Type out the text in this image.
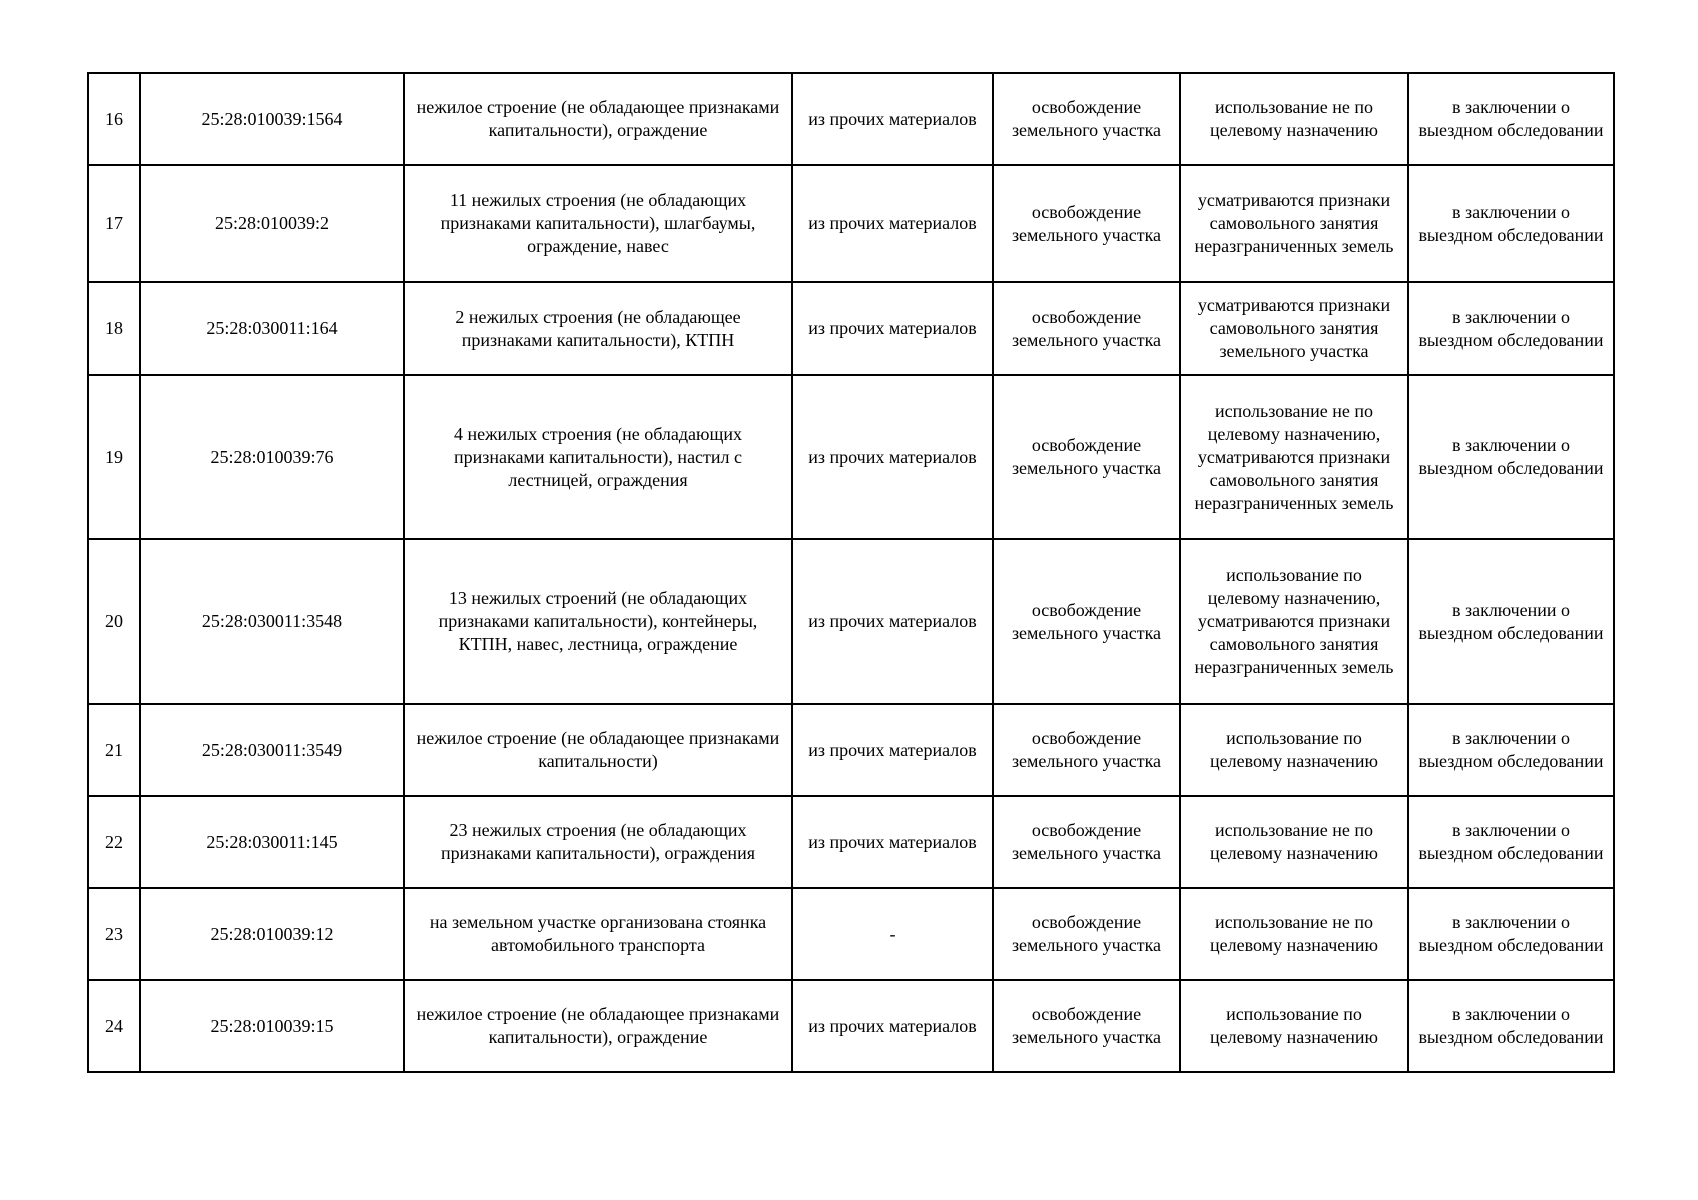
16	25:28:010039:1564	нежилое строение (не обладающее признаками капитальности), ограждение	из прочих материалов	освобождение земельного участка	использование не по целевому назначению	в заключении о выездном обследовании
17	25:28:010039:2	11 нежилых строения (не обладающих признаками капитальности), шлагбаумы, ограждение, навес	из прочих материалов	освобождение земельного участка	усматриваются признаки самовольного занятия неразграниченных земель	в заключении о выездном обследовании
18	25:28:030011:164	2 нежилых строения (не обладающее признаками капитальности), КТПН	из прочих материалов	освобождение земельного участка	усматриваются признаки самовольного занятия земельного участка	в заключении о выездном обследовании
19	25:28:010039:76	4 нежилых строения (не обладающих признаками капитальности), настил с лестницей, ограждения	из прочих материалов	освобождение земельного участка	использование не по целевому назначению, усматриваются признаки самовольного занятия неразграниченных земель	в заключении о выездном обследовании
20	25:28:030011:3548	13 нежилых строений (не обладающих признаками капитальности), контейнеры, КТПН, навес, лестница, ограждение	из прочих материалов	освобождение земельного участка	использование по целевому назначению, усматриваются признаки самовольного занятия неразграниченных земель	в заключении о выездном обследовании
21	25:28:030011:3549	нежилое строение (не обладающее признаками капитальности)	из прочих материалов	освобождение земельного участка	использование по целевому назначению	в заключении о выездном обследовании
22	25:28:030011:145	23 нежилых строения (не обладающих признаками капитальности), ограждения	из прочих материалов	освобождение земельного участка	использование не по целевому назначению	в заключении о выездном обследовании
23	25:28:010039:12	на земельном участке организована стоянка автомобильного транспорта	-	освобождение земельного участка	использование не по целевому назначению	в заключении о выездном обследовании
24	25:28:010039:15	нежилое строение (не обладающее признаками капитальности), ограждение	из прочих материалов	освобождение земельного участка	использование по целевому назначению	в заключении о выездном обследовании
